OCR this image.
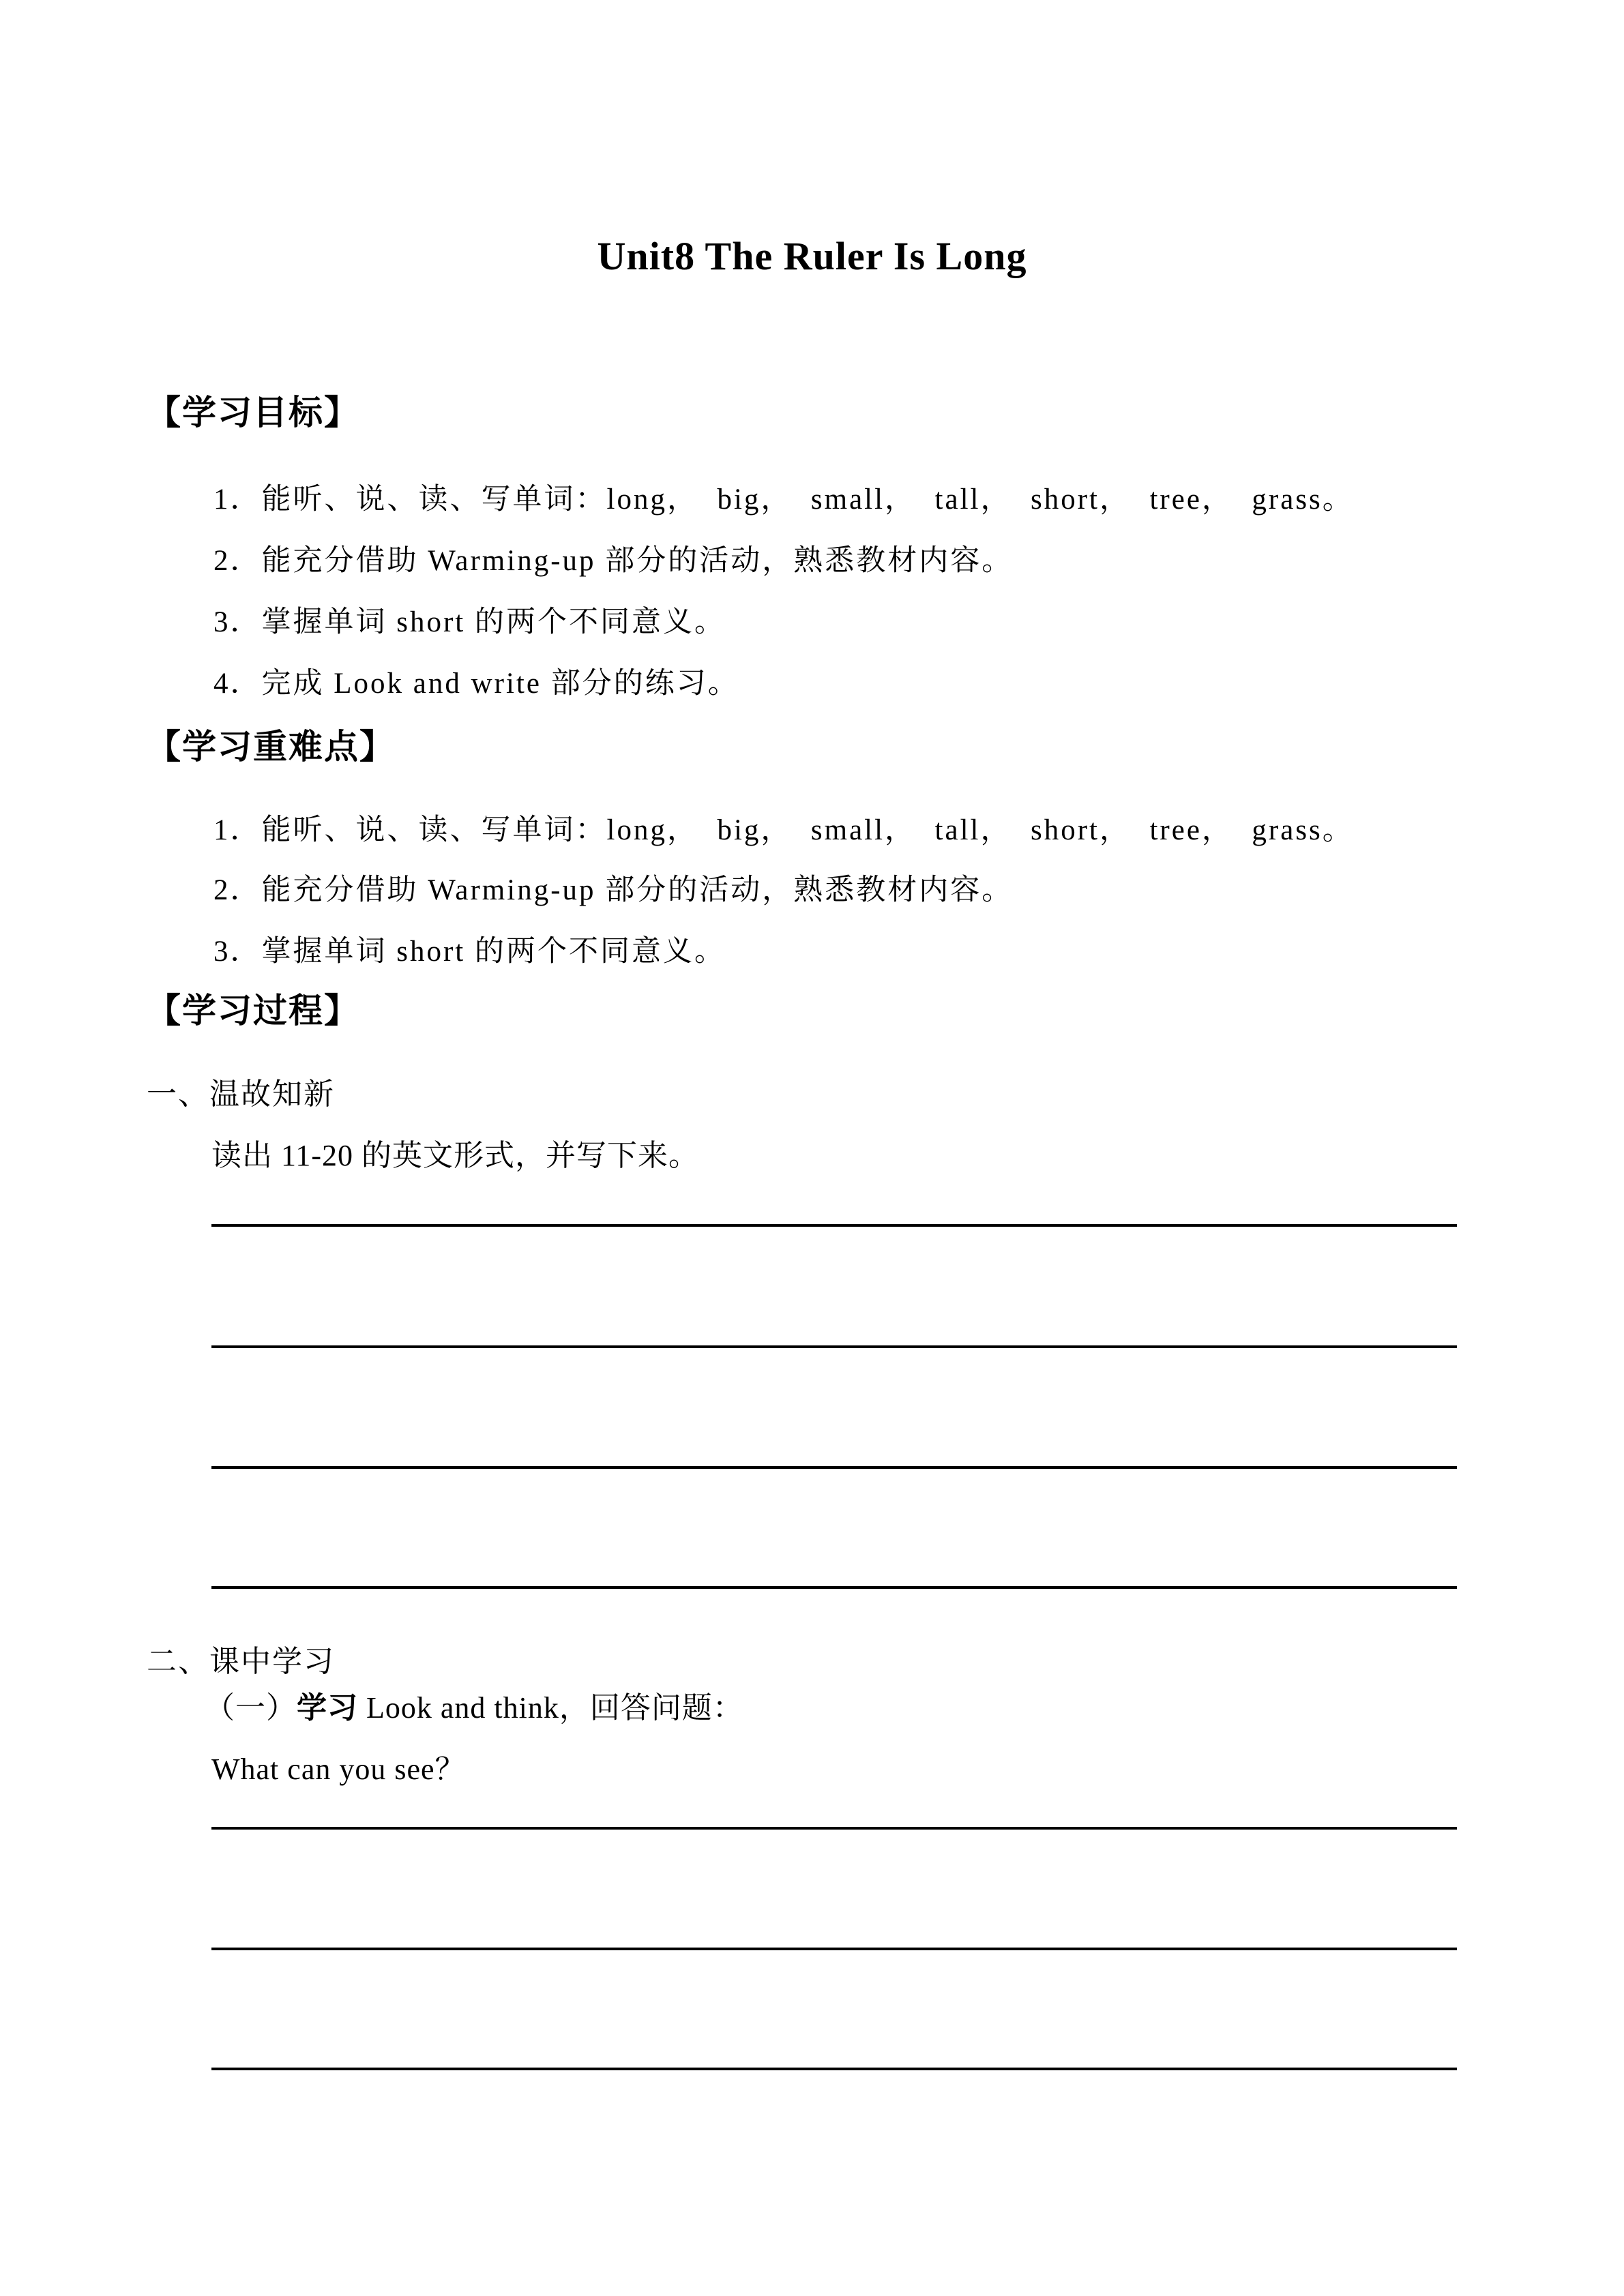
Unit8 The Ruler Is Long
【学习目标】
1．能听、说、读、写单词：long，  big，  small，  tall，  short，  tree，  grass。
2．能充分借助 Warming-up 部分的活动，熟悉教材内容。
3．掌握单词 short 的两个不同意义。
4．完成 Look and write 部分的练习。
【学习重难点】
1．能听、说、读、写单词：long，  big，  small，  tall，  short，  tree，  grass。
2．能充分借助 Warming-up 部分的活动，熟悉教材内容。
3．掌握单词 short 的两个不同意义。
【学习过程】
一、温故知新
读出 11-20 的英文形式，并写下来。
二、课中学习
（一）学习 Look and think，回答问题：
What can you see？
